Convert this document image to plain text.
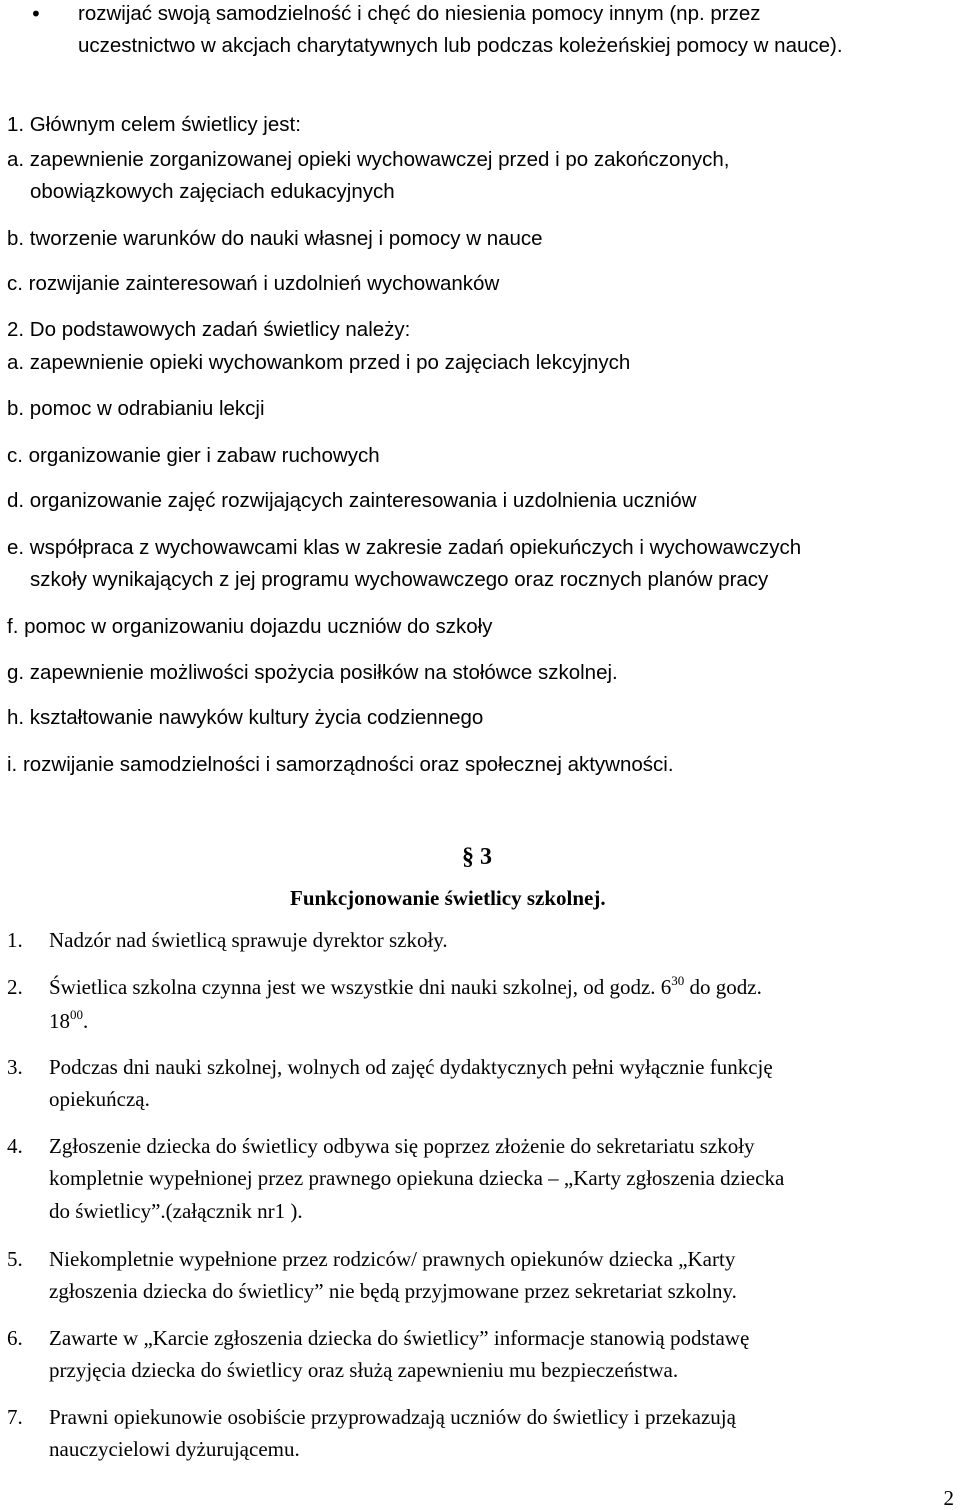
• rozwijać swoją samodzielność i chęć do niesienia pomocy innym (np. przez
uczestnictwo w akcjach charytatywnych lub podczas koleżeńskiej pomocy w nauce).
1. Głównym celem świetlicy jest:
a. zapewnienie zorganizowanej opieki wychowawczej przed i po zakończonych,
obowiązkowych zajęciach edukacyjnych
b. tworzenie warunków do nauki własnej i pomocy w nauce
c. rozwijanie zainteresowań i uzdolnień wychowanków
2. Do podstawowych zadań świetlicy należy:
a. zapewnienie opieki wychowankom przed i po zajęciach lekcyjnych
b. pomoc w odrabianiu lekcji
c. organizowanie gier i zabaw ruchowych
d. organizowanie zajęć rozwijających zainteresowania i uzdolnienia uczniów
e. współpraca z wychowawcami klas w zakresie zadań opiekuńczych i wychowawczych
szkoły wynikających z jej programu wychowawczego oraz rocznych planów pracy
f. pomoc w organizowaniu dojazdu uczniów do szkoły
g. zapewnienie możliwości spożycia posiłków na stołówce szkolnej.
h. kształtowanie nawyków kultury życia codziennego
i. rozwijanie samodzielności i samorządności oraz społecznej aktywności.
§ 3
Funkcjonowanie świetlicy szkolnej.
1. Nadzór nad świetlicą sprawuje dyrektor szkoły.
2. Świetlica szkolna czynna jest we wszystkie dni nauki szkolnej, od godz. $6^{30}$ do godz.
$18^{00}$.
3. Podczas dni nauki szkolnej, wolnych od zajęć dydaktycznych pełni wyłącznie funkcję
opiekuńczą.
4. Zgłoszenie dziecka do świetlicy odbywa się poprzez złożenie do sekretariatu szkoły
kompletnie wypełnionej przez prawnego opiekuna dziecka – „Karty zgłoszenia dziecka
do świetlicy”.(załącznik nr1 ).
5. Niekompletnie wypełnione przez rodziców/ prawnych opiekunów dziecka „Karty
zgłoszenia dziecka do świetlicy” nie będą przyjmowane przez sekretariat szkolny.
6. Zawarte w „Karcie zgłoszenia dziecka do świetlicy” informacje stanowią podstawę
przyjęcia dziecka do świetlicy oraz służą zapewnieniu mu bezpieczeństwa.
7. Prawni opiekunowie osobiście przyprowadzają uczniów do świetlicy i przekazują
nauczycielowi dyżurującemu.
2
